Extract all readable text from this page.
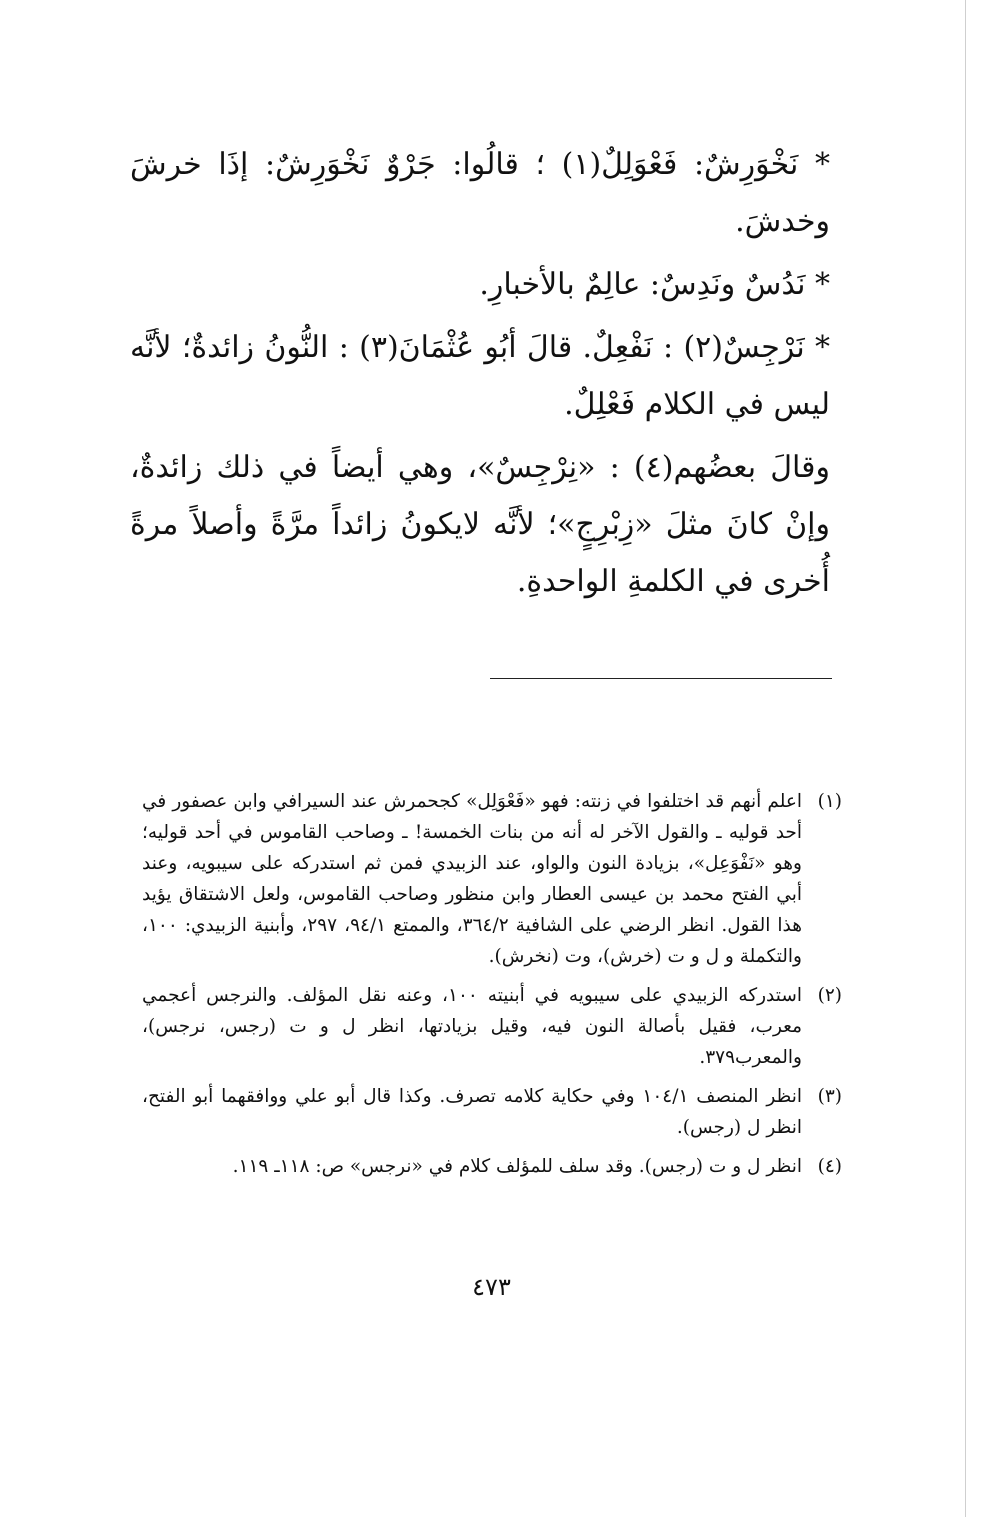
* نَخْوَرِشٌ: فَعْوَلِلٌ(١) ؛ قالُوا: جَرْوٌ نَخْوَرِشٌ: إذَا خرشَ وخدشَ.

* نَدُسٌ ونَدِسٌ: عالِمٌ بالأخبارِ.

* نَرْجِسٌ(٢) : نَفْعِلٌ. قالَ أبُو عُثْمَانَ(٣) : النُّونُ زائدةٌ؛ لأنَّه ليس في الكلام فَعْلِلٌ.

وقالَ بعضُهم(٤) : «نِرْجِسٌ»، وهي أيضاً في ذلك زائدةٌ، وإنْ كانَ مثلَ «زِبْرِجٍ»؛ لأنَّه لايكونُ زائداً مرَّةً وأصلاً مرةً أُخرى في الكلمةِ الواحدةِ.

(١)
اعلم أنهم قد اختلفوا في زنته: فهو «فَعْوَلِل» كجحمرش عند السيرافي وابن عصفور في أحد قوليه ـ والقول الآخر له أنه من بنات الخمسة! ـ وصاحب القاموس في أحد قوليه؛ وهو «نَفْوَعِل»، بزيادة النون والواو، عند الزبيدي فمن ثم استدركه على سيبويه، وعند أبي الفتح محمد بن عيسى العطار وابن منظور وصاحب القاموس، ولعل الاشتقاق يؤيد هذا القول. انظر الرضي على الشافية ٣٦٤/٢، والممتع ٩٤/١، ٢٩٧، وأبنية الزبيدي: ١٠٠، والتكملة و ل و ت (خرش)، وت (نخرش).
(٢)
استدركه الزبيدي على سيبويه في أبنيته ١٠٠، وعنه نقل المؤلف. والنرجس أعجمي معرب، فقيل بأصالة النون فيه، وقيل بزيادتها، انظر ل و ت (رجس، نرجس)، والمعرب٣٧٩.
(٣)
انظر المنصف ١٠٤/١ وفي حكاية كلامه تصرف. وكذا قال أبو علي ووافقهما أبو الفتح، انظر ل (رجس).
(٤)
انظر ل و ت (رجس). وقد سلف للمؤلف كلام في «نرجس» ص: ١١٨ـ ١١٩.
٤٧٣
